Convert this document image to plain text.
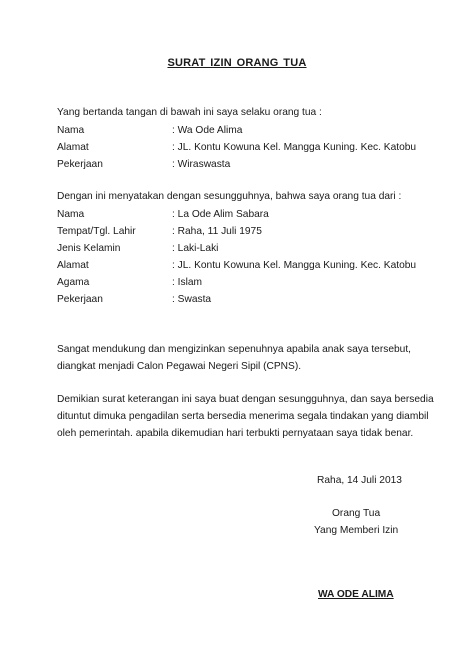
SURAT IZIN ORANG TUA
Yang bertanda tangan di bawah ini saya selaku orang tua :
Nama	: Wa Ode Alima
Alamat	: JL. Kontu Kowuna Kel. Mangga Kuning. Kec. Katobu
Pekerjaan	: Wiraswasta
Dengan ini menyatakan dengan sesungguhnya, bahwa saya orang tua dari :
Nama	: La Ode Alim Sabara
Tempat/Tgl. Lahir	: Raha, 11 Juli 1975
Jenis Kelamin	: Laki-Laki
Alamat	: JL. Kontu Kowuna Kel. Mangga Kuning. Kec. Katobu
Agama	: Islam
Pekerjaan	: Swasta
Sangat mendukung dan mengizinkan sepenuhnya apabila anak saya tersebut,
diangkat menjadi Calon Pegawai Negeri Sipil (CPNS).
Demikian surat keterangan ini saya buat dengan sesungguhnya, dan saya bersedia
dituntut dimuka pengadilan serta bersedia menerima segala tindakan yang diambil
oleh pemerintah. apabila dikemudian hari terbukti pernyataan saya tidak benar.
Raha, 14 Juli 2013
Orang Tua
Yang Memberi Izin
WA ODE ALIMA
